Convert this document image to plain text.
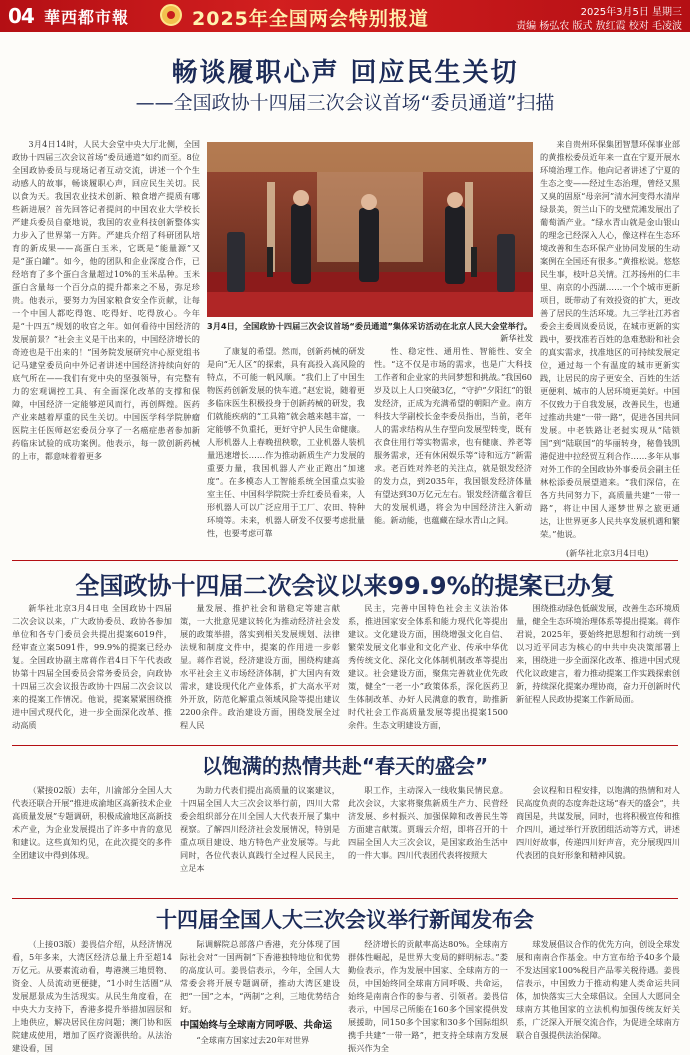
04 華西都市報	2025年全国两会特别报道	2025年3月5日 星期三
责编 杨弘农 版式 敖红霞 校对 毛凌波
畅谈履职心声 回应民生关切
——全国政协十四届三次会议首场“委员通道”扫描

3月4日14时，人民大会堂中央大厅北侧，全国政协十四届三次会议首场“委员通道”如约而至。8位全国政协委员与现场记者互动交流，讲述一个个生动感人的故事，畅谈履职心声，回应民生关切。民以食为天。我国农业技术创新、粮食增产提质有哪些新进展？首先回答记者提问的中国农业大学校长严建兵委员自豪地说，我国的农业科技创新整体实力步入了世界第一方阵。严建兵介绍了科研团队培育的新成果——高蛋白玉米，它既是“能量源”又是“蛋白罐”。如今，他的团队和企业深度合作，已经培育了多个蛋白含量超过10%的玉米品种。玉米蛋白含量每一个百分点的提升都来之不易，弥足珍贵。他表示，要努力为国家粮食安全作贡献，让每一个中国人都吃得饱、吃得好、吃得放心。今年是“十四五”规划的收官之年。如何看待中国经济的发展前景？“社会主义是干出来的，中国经济增长的奇迹也是干出来的！”国务院发展研究中心原党组书记马建堂委员向中外记者讲述中国经济持续向好的底气所在——我们有党中央的坚强领导，有完整有力的宏观调控工具、有全面深化改革的支撑和保障，中国经济一定能够逆风而行，再创辉煌。医药产业来越着厚重的民生关切。中国医学科学院肿瘤医院主任医师赵宏委员分享了一名癌症患者参加新药临床试验的成功案例。他表示，每一款创新药械的上市，都意味着着更多

3月4日，全国政协十四届三次会议首场“委员通道”集体采访活动在北京人民大会堂举行。
新华社发

了康复的希望。然而，创新药械的研发是向“无人区”的探索，具有高投入高风险的特点，不可能一帆风顺。“我们上了中国生物医药创新发展的快车道。”赵宏说，随着更多临床医生积极投身于创新药械的研发，我们就能疾病的“工具箱”就会越来越丰富，一定能够不负重托，更好守护人民生命健康。人形机器人上春晚扭秧歌，工业机器人装机量迅速增长……作为推动新质生产力发展的重要力量，我国机器人产业正跑出“加速度”。在多模态人工智能系统全国重点实验室主任、中国科学院院士乔红委员看来，人形机器人可以广泛应用于工厂、农田、特种环境等。未来，机器人研发不仅要考虑批量性，也要考虑可靠

性、稳定性、通用性、智能性、安全性。“这不仅是市场的需求，也是广大科技工作者和企业家的共同梦想和挑战。”我国60岁及以上人口突破3亿，“守护”夕阳红“的银发经济，正成为充满希望的朝阳产业。南方科技大学副校长金李委员指出，当前，老年人的需求结构从生存型向发展型转变，既有衣食住用行等实物需求，也有健康、养老等服务需求，还有休闲娱乐等“诗和远方”新需求。老百姓对养老的关注点，就是银发经济的发力点，到2035年，我国银发经济体量有望达到30万亿元左右。银发经济蕴含着巨大的发展机遇，将会为中国经济注入新动能。新动能，也蕴藏在绿水青山之间。

来自贵州环保集团智慧环保事业部的黄推松委员近年来一直在宁夏开展水环境治理工作。他向记者讲述了宁夏的生态之变——经过生态治理，曾经又黑又臭的固原“母亲河”清水河变得水清岸绿景美，贺兰山下的戈壁荒滩发展出了葡萄酒产业。“绿水青山就是金山银山的理念已经深入人心，像这样在生态环境改善和生态环保产业协同发展的生动案例在全国还有很多。”黄推松说。悠悠民生事，枝叶总关情。江苏扬州的仁丰里、南京的小西湖……一个个城市更新项目，既带动了有效投资的扩大，更改善了居民的生活环境。九三学社江苏省委会主委周岚委员说，在城市更新的实践中，要找准若百姓的急难愁盼和社会的真实需求，找准地区的可持续发展定位，通过每一个有温度的城市更新实践，让居民的房子更安全、百姓的生活更便利、城市的人居环境更美好。中国不仅致力于自我发展，改善民生，也通过推动共建“一带一路”，促进各国共同发展。中老铁路让老挝实现从“陆锁国”到“陆联国”的华丽转身，秘鲁钱凯港促进中拉经贸互利合作……多年从事对外工作的全国政协外事委员会副主任林松添委员展望道来。“我们深信，在各方共同努力下，高质量共建“一带一路”，将让中国人逐梦世界之旅更通达，让世界更多人民共享发展机遇和繁荣。”他说。

(新华社北京3月4日电)
全国政协十四届二次会议以来99.9%的提案已办复

新华社北京3月4日电 全国政协十四届二次会议以来，广大政协委员、政协各参加单位和各专门委员会共提出提案6019件，经审查立案5091件，99.9%的提案已经办复。全国政协副主席蒋作君4日下午代表政协第十四届全国委员会常务委员会，向政协十四届三次会议报告政协十四届二次会议以来的提案工作情况。他说，提案紧紧围绕推进中国式现代化，进一步全面深化改革、推动高质

量发展、推护社会和谐稳定等建言献策，一大批意见建议转化为推动经济社会发展的政策举措，落实到相关发展规划、法律法规和制度文件中，提案的作用进一步彰显。蒋作君说，经济建设方面，围绕构建高水平社会主义市场经济体制，扩大国内有效需求，建设现代化产业体系，扩大高水平对外开放，防范化解重点领域风险等提出建议2200余件。政治建设方面，围绕发展全过程人民

民主，完善中国特色社会主义法治体系，推进国家安全体系和能力现代化等提出建议。文化建设方面，围绕增强文化自信、繁荣发展文化事业和文化产业、传承中华优秀传统文化、深化文化体制机制改革等提出建议。社会建设方面，聚焦完善就业优先政策，健全“一老一小”政策体系，深化医药卫生体制改革、办好人民满意的教育，助推新时代社会工作高质量发展等提出提案1500余件。生态文明建设方面，

围绕推动绿色低碳发展，改善生态环境质量，健全生态环境治理体系等提出提案。蒋作君说，2025年，要始终把思想和行动统一到以习近平同志为核心的中共中央决策部署上来，围绕进一步全面深化改革、推进中国式现代化议政建言，着力推动提案工作实践探索创新，持续深化提案办理协商，奋力开创新时代新征程人民政协提案工作新局面。

以饱满的热情共赴“春天的盛会”

（紧接02版）去年，川渝部分全国人大代表还联合开展“推进成渝地区高新技术企业高质量发展”专题调研，积极成渝地区高新技术产业，为企业发展提出了许多中肯的意见和建议。这些真知灼见，在此次提交的多件全团建议中得到体现。

为助力代表们提出高质量的议案建议，十四届全国人大三次会议举行前，四川大常委会组织部分在川全国人大代表开展了集中视察。了解四川经济社会发展情况，特别是重点项目建设、地方特色产业发展等。与此同时，各位代表认真践行全过程人民民主，立足本

职工作，主动深入一线收集民情民意。此次会议，大家将聚焦新质生产力、民营经济发展、乡村振兴、加强保障和改善民生等方面建言献策。贾瑞云介绍，即将召开的十四届全国人大三次会议，是国家政治生活中的一件大事。四川代表团代表将按照大

会议程和日程安排，以饱满的热情和对人民高度负责的态度奔赴这场“春天的盛会”，共商国是，共谋发展，同时，也将积极宣传和推介四川，通过举行开放团组活动等方式，讲述四川好故事，传递四川好声音，充分展现四川代表团的良好形象和精神风貌。

十四届全国人大三次会议举行新闻发布会

（上接03版）姜畏信介绍，从经济情况看，5年多来，大湾区经济总量上升至超14万亿元。从要素流动看，粤港澳三地贸物、资金、人员流动更便捷，“1小时生活圈”从发展愿景成为生活现实。从民生角度看，在中央大力支持下，香港多提升举措加固层和上地供应，解决居民住房问题；澳门协和医院建成使用，增加了医疗资源供给。从法治建设看，国

际调解院总部落户香港，充分体现了国际社会对“一国两制”下香港独特地位和优势的高度认可。姜畏信表示，今年，全国人大常委会将开展专题调研，推动大湾区建设把“一国”之本，“两制”之利，三地优势结合好。

中国始终与全球南方同呼吸、共命运

“全球南方国家过去20年对世界

经济增长的贡献率高达80%。全球南方群体性崛起，是世界大变局的鲜明标志。”娄勤俭表示，作为发展中国家、全球南方的一员，中国始终同全球南方同呼吸、共命运，始终是南南合作的参与者、引领者。姜畏信表示，中国尽己所能在160多个国家提供发展援助，同150多个国家和30多个国际组织携手共建“一带一路”，把支持全球南方发展振兴作为全

球发展倡议合作的优先方向，创设全球发展和南南合作基金。中方宣布给予40多个最不发达国家100%税目产品零关税待遇。姜畏信表示，中国致力于推动构建人类命运共同体，加快落实三大全球倡议。全国人大愿同全球南方其他国家的立法机构加强传统友好关系，广泛深入开展交流合作，为促进全球南方联合自强提供法治保障。
